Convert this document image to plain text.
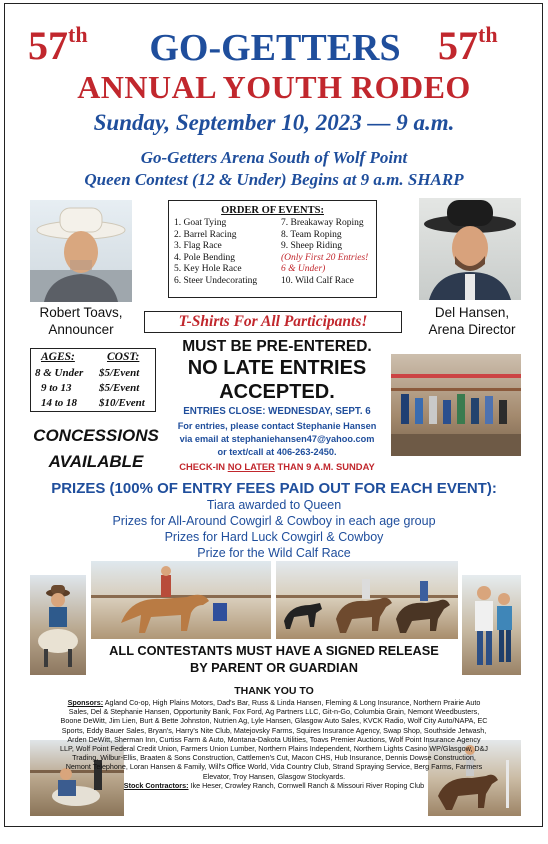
57th	57th
GO-GETTERS
ANNUAL YOUTH RODEO
Sunday, September 10, 2023 — 9 a.m.
Go-Getters Arena South of Wolf Point
Queen Contest (12 & Under) Begins at 9 a.m. SHARP
Robert Toavs,
Announcer
Del Hansen,
Arena Director
ORDER OF EVENTS:
1. Goat Tying
2. Barrel Racing
3. Flag Race
4. Pole Bending
5. Key Hole Race
6. Steer Undecorating
7. Breakaway Roping
8. Team Roping
9. Sheep Riding
(Only First 20 Entries!
6 & Under)
10. Wild Calf Race
T-Shirts For All Participants!
AGES:	COST:
8 & Under $5/Event
9 to 13 $5/Event
14 to 18 $10/Event
MUST BE PRE-ENTERED.
NO LATE ENTRIES
ACCEPTED.
ENTRIES CLOSE: WEDNESDAY, SEPT. 6
For entries, please contact Stephanie Hansen
via email at stephaniehansen47@yahoo.com
or text/call at 406-263-2450.
CHECK-IN NO LATER THAN 9 A.M. SUNDAY
CONCESSIONS
AVAILABLE
PRIZES (100% OF ENTRY FEES PAID OUT FOR EACH EVENT):
Tiara awarded to Queen
Prizes for All-Around Cowgirl & Cowboy in each age group
Prizes for Hard Luck Cowgirl & Cowboy
Prize for the Wild Calf Race
ALL CONTESTANTS MUST HAVE A SIGNED RELEASE
BY PARENT OR GUARDIAN
THANK YOU TO
Sponsors: Agland Co-op, High Plains Motors, Dad's Bar, Russ & Linda Hansen, Fleming & Long Insurance, Northern Prairie Auto Sales, Del & Stephanie Hansen, Opportunity Bank, Fox Ford, Ag Partners LLC, Git-n-Go, Columbia Grain, Nemont Weedbusters, Boone DeWitt, Jim Lien, Burt & Bette Johnston, Nutrien Ag, Lyle Hansen, Glasgow Auto Sales, KVCK Radio, Wolf City Auto/NAPA, EC Sports, Eddy Bauer Sales, Bryan's, Harry's Nite Club, Matejovsky Farms, Squires Insurance Agency, Swap Shop, Southside Jetwash, Arden DeWitt, Sherman Inn, Curtiss Farm & Auto, Montana-Dakota Utilities, Toavs Premier Auctions, Wolf Point Insurance Agency LLP, Wolf Point Federal Credit Union, Farmers Union Lumber, Northern Plains Independent, Northern Lights Casino WP/Glasgow, D&J Trading, Wilbur-Ellis, Braaten & Sons Construction, Cattlemen's Cut, Macon CHS, Hub Insurance, Dennis Dowse Construction, Nemont Telephone, Loran Hansen & Family, Will's Office World, Vida Country Club, Strand Spraying Service, Berg Farms, Farmers Elevator, Troy Hansen, Glasgow Stockyards.
Stock Contractors: Ike Heser, Crowley Ranch, Cornwell Ranch & Missouri River Roping Club
